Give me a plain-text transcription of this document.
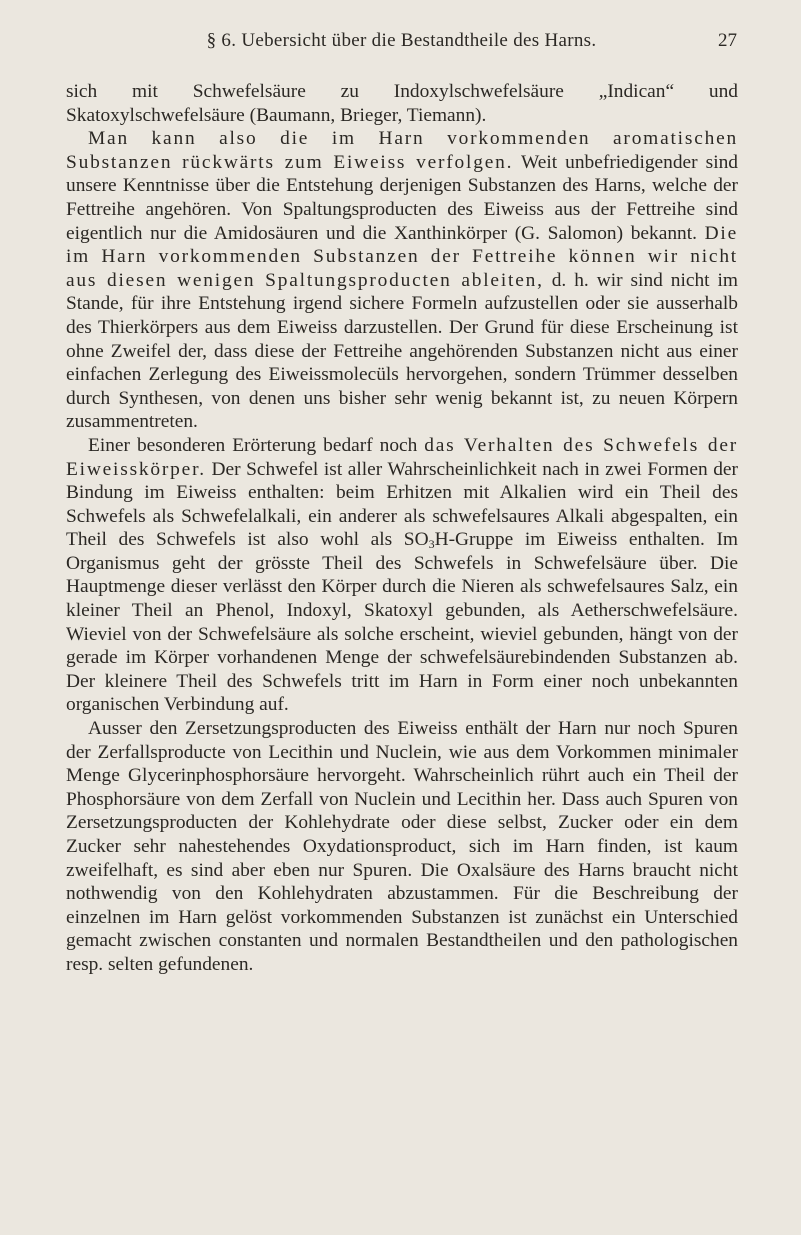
§ 6. Uebersicht über die Bestandtheile des Harns.	27

sich mit Schwefelsäure zu Indoxylschwefelsäure „Indican“ und Skatoxylschwefelsäure (Baumann, Brieger, Tiemann).

Man kann also die im Harn vorkommenden aromatischen Substanzen rückwärts zum Eiweiss verfolgen. Weit unbefriedigender sind unsere Kenntnisse über die Entstehung derjenigen Substanzen des Harns, welche der Fettreihe angehören. Von Spaltungsproducten des Eiweiss aus der Fettreihe sind eigentlich nur die Amidosäuren und die Xanthinkörper (G. Salomon) bekannt. Die im Harn vorkommenden Substanzen der Fettreihe können wir nicht aus diesen wenigen Spaltungsproducten ableiten, d. h. wir sind nicht im Stande, für ihre Entstehung irgend sichere Formeln aufzustellen oder sie ausserhalb des Thierkörpers aus dem Eiweiss darzustellen. Der Grund für diese Erscheinung ist ohne Zweifel der, dass diese der Fettreihe angehörenden Substanzen nicht aus einer einfachen Zerlegung des Eiweissmolecüls hervorgehen, sondern Trümmer desselben durch Synthesen, von denen uns bisher sehr wenig bekannt ist, zu neuen Körpern zusammentreten.

Einer besonderen Erörterung bedarf noch das Verhalten des Schwefels der Eiweisskörper. Der Schwefel ist aller Wahrscheinlichkeit nach in zwei Formen der Bindung im Eiweiss enthalten: beim Erhitzen mit Alkalien wird ein Theil des Schwefels als Schwefelalkali, ein anderer als schwefelsaures Alkali abgespalten, ein Theil des Schwefels ist also wohl als $SO_3H$-Gruppe im Eiweiss enthalten. Im Organismus geht der grösste Theil des Schwefels in Schwefelsäure über. Die Hauptmenge dieser verlässt den Körper durch die Nieren als schwefelsaures Salz, ein kleiner Theil an Phenol, Indoxyl, Skatoxyl gebunden, als Aetherschwefelsäure. Wieviel von der Schwefelsäure als solche erscheint, wieviel gebunden, hängt von der gerade im Körper vorhandenen Menge der schwefelsäurebindenden Substanzen ab. Der kleinere Theil des Schwefels tritt im Harn in Form einer noch unbekannten organischen Verbindung auf.

Ausser den Zersetzungsproducten des Eiweiss enthält der Harn nur noch Spuren der Zerfallsproducte von Lecithin und Nuclein, wie aus dem Vorkommen minimaler Menge Glycerinphosphorsäure hervorgeht. Wahrscheinlich rührt auch ein Theil der Phosphorsäure von dem Zerfall von Nuclein und Lecithin her. Dass auch Spuren von Zersetzungsproducten der Kohlehydrate oder diese selbst, Zucker oder ein dem Zucker sehr nahestehendes Oxydationsproduct, sich im Harn finden, ist kaum zweifelhaft, es sind aber eben nur Spuren. Die Oxalsäure des Harns braucht nicht nothwendig von den Kohlehydraten abzustammen. Für die Beschreibung der einzelnen im Harn gelöst vorkommenden Substanzen ist zunächst ein Unterschied gemacht zwischen constanten und normalen Bestandtheilen und den pathologischen resp. selten gefundenen.
